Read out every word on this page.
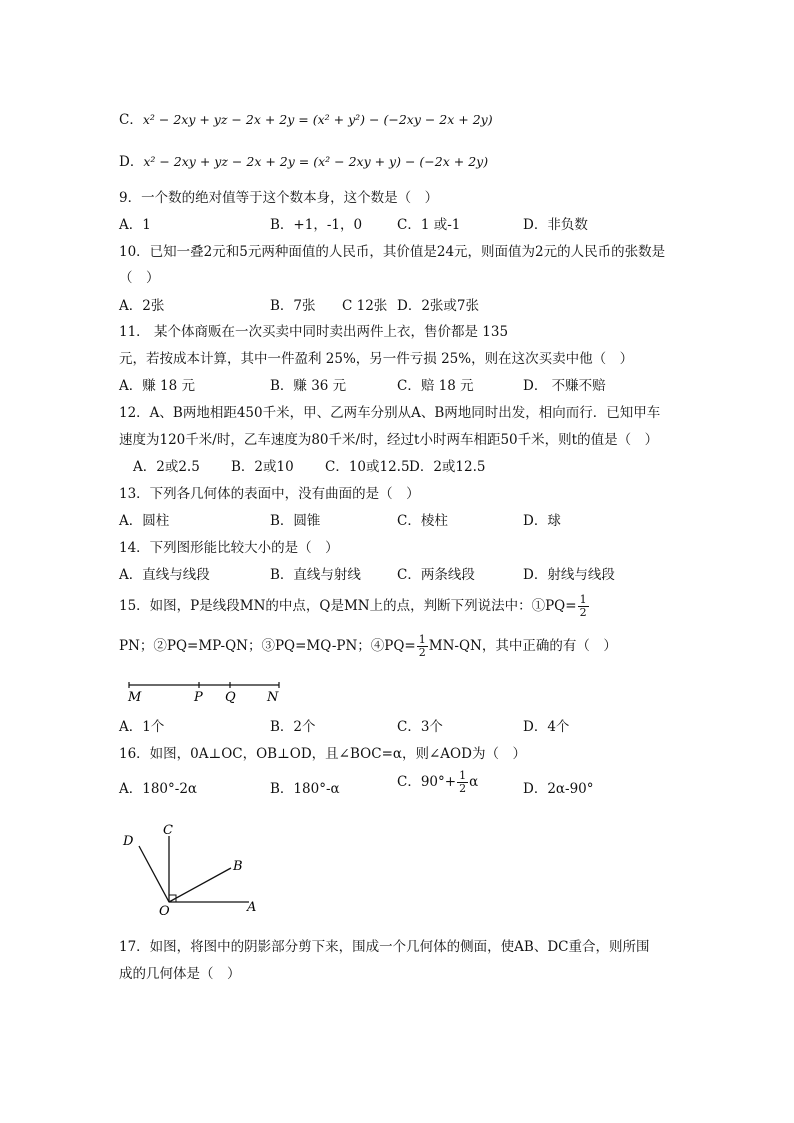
C．x² − 2xy + yz − 2x + 2y = (x² + y²) − (−2xy − 2x + 2y)
D．x² − 2xy + yz − 2x + 2y = (x² − 2xy + y) − (−2x + 2y)
9．一个数的绝对值等于这个数本身，这个数是（　）
A．1	B．+1，-1，0	C．1 或-1	D．非负数
10．已知一叠2元和5元两种面值的人民币，其价值是24元，则面值为2元的人民币的张数是
（　）
A．2张	B．7张 C 12张 D．2张或7张
11． 某个体商贩在一次买卖中同时卖出两件上衣，售价都是 135
元，若按成本计算，其中一件盈利 25%，另一件亏损 25%，则在这次买卖中他（　）
A．赚 18 元	B．赚 36 元	C．赔 18 元	D． 不赚不赔
12．A、B两地相距450千米，甲、乙两车分别从A、B两地同时出发，相向而行．已知甲车
速度为120千米/时，乙车速度为80千米/时，经过t小时两车相距50千米，则t的值是（　）
A．2或2.5 B．2或10 C．10或12.5 D．2或12.5
13．下列各几何体的表面中，没有曲面的是（　）
A．圆柱	B．圆锥	C．棱柱	D．球
14．下列图形能比较大小的是（　）
A．直线与线段	B．直线与射线	C．两条线段	D．射线与线段
15．如图，P是线段MN的中点，Q是MN上的点，判断下列说法中：①PQ= $\frac{1}{2}$
PN；②PQ=MP-QN；③PQ=MQ-PN；④PQ= $\frac{1}{2} MN-QN$，其中正确的有（　）
M	P Q N
A．1个	B．2个	C．3个	D．4个
16．如图，0A⊥OC，OB⊥OD，且∠BOC=α，则∠AOD为（　）
A．180°-2α	B．180°-α	C．$90^\circ+ \frac{1}{2}$ α	D．2α-90°
C
D
B
O	A
17．如图，将图中的阴影部分剪下来，围成一个几何体的侧面，使AB、DC重合，则所围
成的几何体是（　）
